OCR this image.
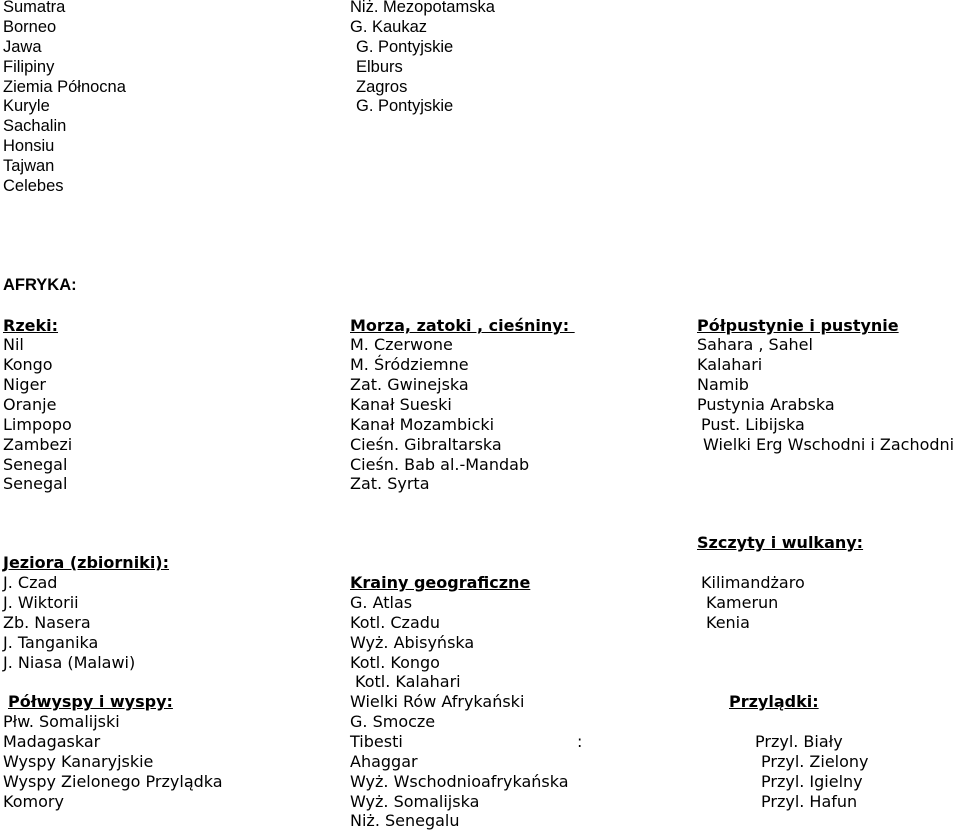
Sumatra
Borneo
Jawa
Filipiny
Ziemia Północna
Kuryle
Sachalin
Honsiu
Tajwan
Celebes
Niż. Mezopotamska
G. Kaukaz
G. Pontyjskie
Elburs
Zagros
G. Pontyjskie
AFRYKA:
Rzeki:
Nil
Kongo
Niger
Oranje
Limpopo
Zambezi
Senegal
Senegal
Morza, zatoki , cieśniny:
M. Czerwone
M. Śródziemne
Zat. Gwinejska
Kanał Sueski
Kanał Mozambicki
Cieśn. Gibraltarska
Cieśn. Bab al.-Mandab
Zat. Syrta
Półpustynie i pustynie
Sahara , Sahel
Kalahari
Namib
Pustynia Arabska
Pust. Libijska
Wielki Erg Wschodni i Zachodni
Szczyty i wulkany:
Kilimandżaro
Kamerun
Kenia
Jeziora (zbiorniki):
J. Czad
J. Wiktorii
Zb. Nasera
J. Tanganika
J. Niasa (Malawi)
Krainy geograficzne
G. Atlas
Kotl. Czadu
Wyż. Abisyńska
Kotl. Kongo
Kotl. Kalahari
Wielki Rów Afrykański
G. Smocze
Tibesti
Ahaggar
Wyż. Wschodnioafrykańska
Wyż. Somalijska
Niż. Senegalu
:
Półwyspy i wyspy:
Płw. Somalijski
Madagaskar
Wyspy Kanaryjskie
Wyspy Zielonego Przylądka
Komory
Przylądki:
Przyl. Biały
Przyl. Zielony
Przyl. Igielny
Przyl. Hafun
